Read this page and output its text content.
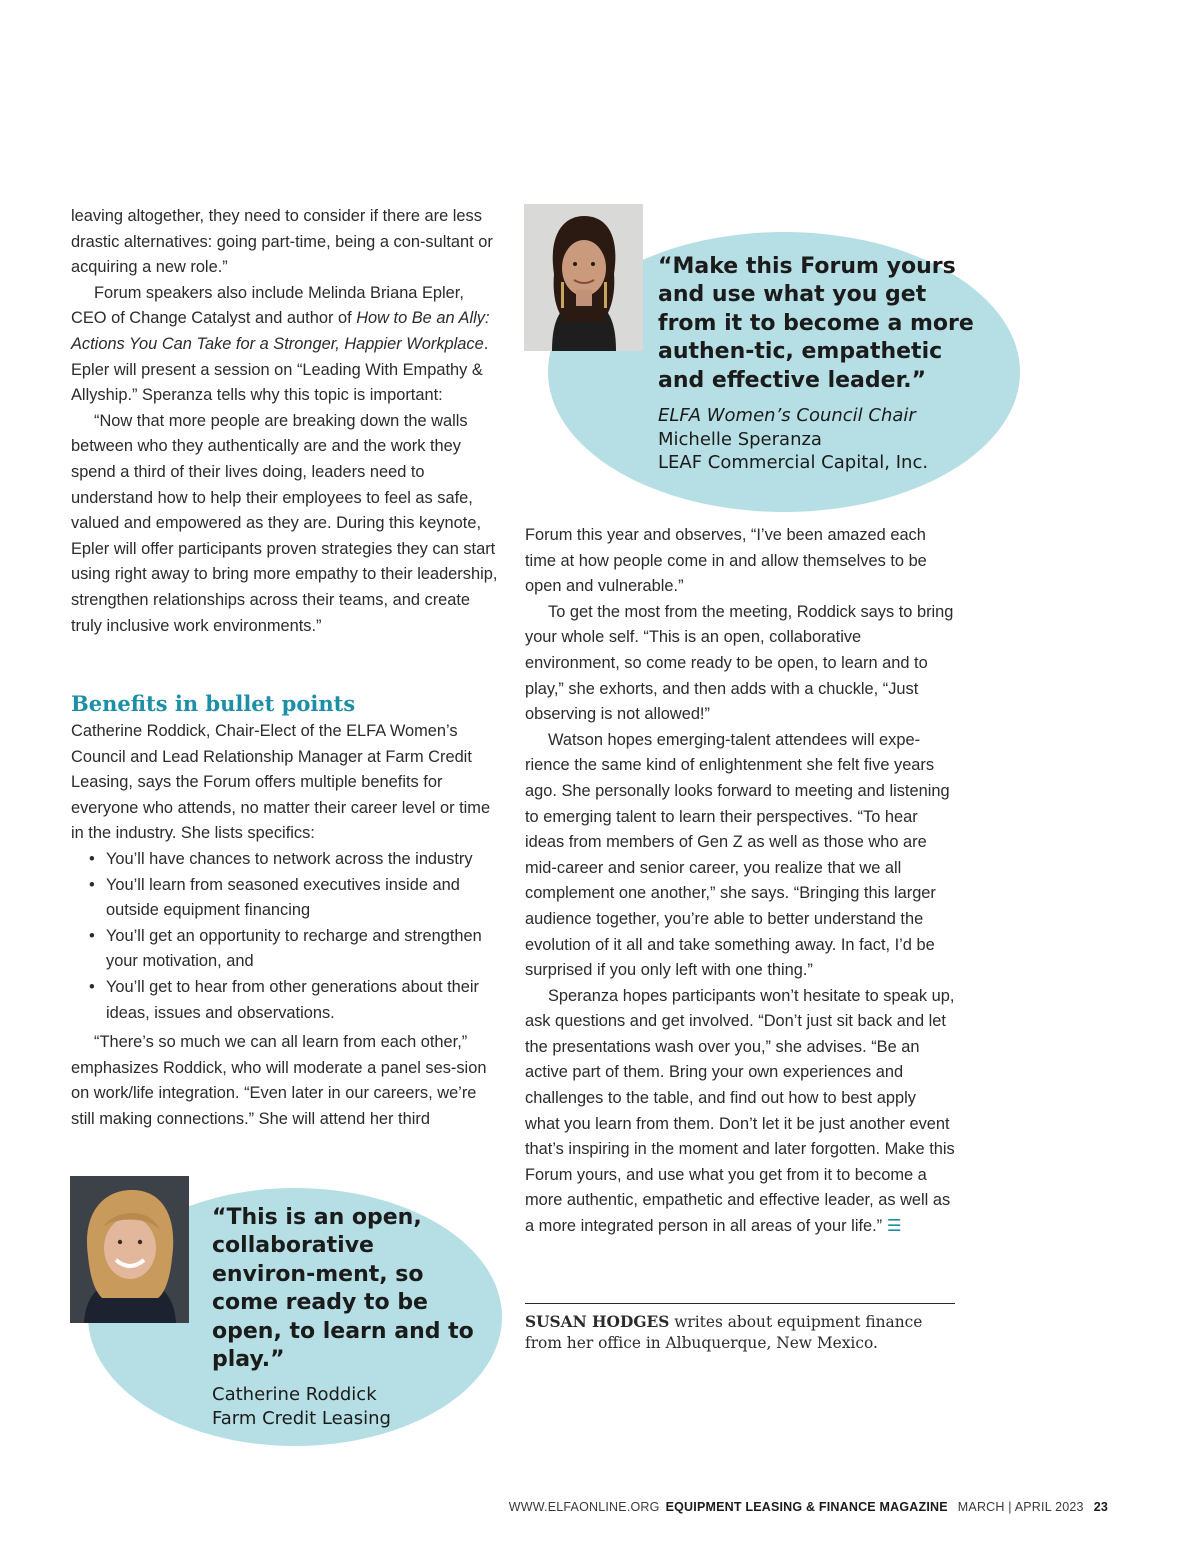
leaving altogether, they need to consider if there are less drastic alternatives: going part-time, being a con-sultant or acquiring a new role.”

Forum speakers also include Melinda Briana Epler, CEO of Change Catalyst and author of How to Be an Ally: Actions You Can Take for a Stronger, Happier Workplace. Epler will present a session on “Leading With Empathy & Allyship.” Speranza tells why this topic is important:

“Now that more people are breaking down the walls between who they authentically are and the work they spend a third of their lives doing, leaders need to understand how to help their employees to feel as safe, valued and empowered as they are. During this keynote, Epler will offer participants proven strategies they can start using right away to bring more empathy to their leadership, strengthen relationships across their teams, and create truly inclusive work environments.”

Benefits in bullet points

Catherine Roddick, Chair-Elect of the ELFA Women’s Council and Lead Relationship Manager at Farm Credit Leasing, says the Forum offers multiple benefits for everyone who attends, no matter their career level or time in the industry. She lists specifics:

• You’ll have chances to network across the industry
• You’ll learn from seasoned executives inside and outside equipment financing
• You’ll get an opportunity to recharge and strengthen your motivation, and
• You’ll get to hear from other generations about their ideas, issues and observations.

“There’s so much we can all learn from each other,” emphasizes Roddick, who will moderate a panel ses-sion on work/life integration. “Even later in our careers, we’re still making connections.” She will attend her third

“Make this Forum yours and use what you get from it to become a more authen-tic, empathetic and effective leader.”

ELFA Women’s Council Chair
Michelle Speranza
LEAF Commercial Capital, Inc.

Forum this year and observes, “I’ve been amazed each time at how people come in and allow themselves to be open and vulnerable.”

To get the most from the meeting, Roddick says to bring your whole self. “This is an open, collaborative environment, so come ready to be open, to learn and to play,” she exhorts, and then adds with a chuckle, “Just observing is not allowed!”

Watson hopes emerging-talent attendees will expe-rience the same kind of enlightenment she felt five years ago. She personally looks forward to meeting and listening to emerging talent to learn their perspectives. “To hear ideas from members of Gen Z as well as those who are mid-career and senior career, you realize that we all complement one another,” she says. “Bringing this larger audience together, you’re able to better understand the evolution of it all and take something away. In fact, I’d be surprised if you only left with one thing.”

Speranza hopes participants won’t hesitate to speak up, ask questions and get involved. “Don’t just sit back and let the presentations wash over you,” she advises. “Be an active part of them. Bring your own experiences and challenges to the table, and find out how to best apply what you learn from them. Don’t let it be just another event that’s inspiring in the moment and later forgotten. Make this Forum yours, and use what you get from it to become a more authentic, empathetic and effective leader, as well as a more integrated person in all areas of your life.” ☰

SUSAN HODGES writes about equipment finance from her office in Albuquerque, New Mexico.

“This is an open, collaborative environ-ment, so come ready to be open, to learn and to play.”

Catherine Roddick
Farm Credit Leasing
WWW.ELFAONLINE.ORG EQUIPMENT LEASING & FINANCE MAGAZINE MARCH | APRIL 2023 23
